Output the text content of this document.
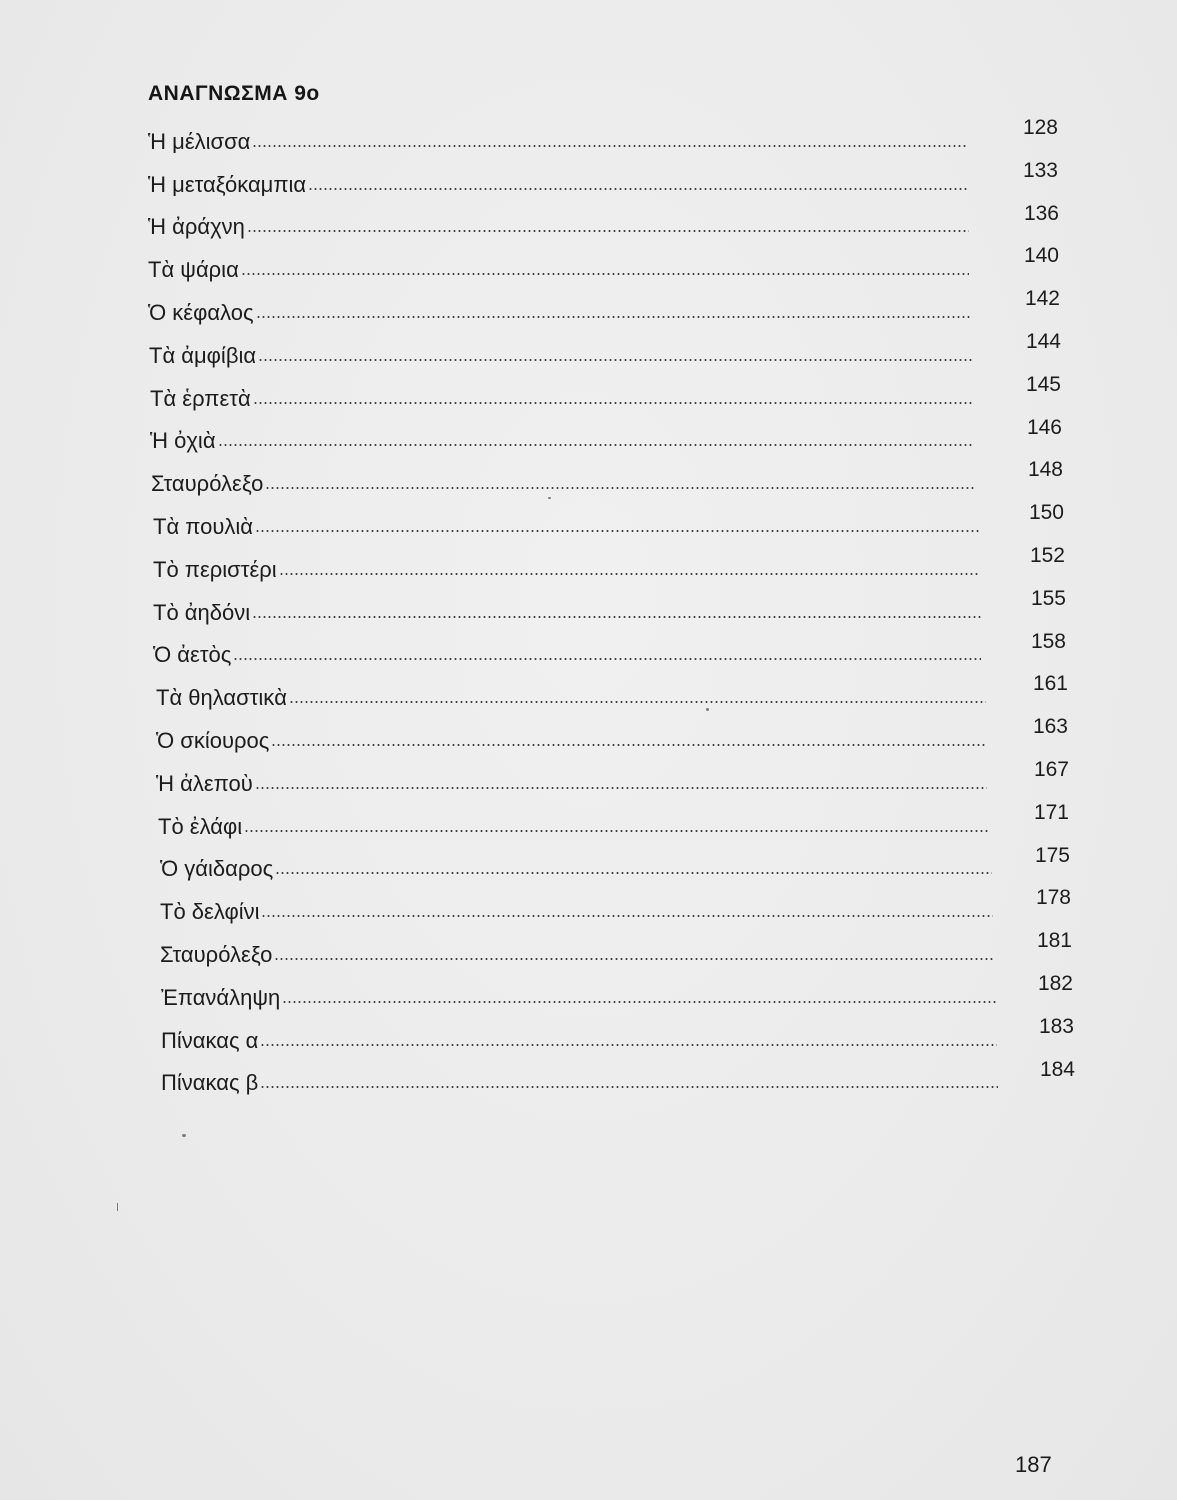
ΑΝΑΓΝΩΣΜΑ 9ο
Ἡ μέλισσα
128
Ἡ μεταξόκαμπια
133
Ἡ ἀράχνη
136
Τὰ ψάρια
140
Ὁ κέφαλος
142
Τὰ ἀμφίβια
144
Τὰ ἑρπετὰ
145
Ἡ ὀχιὰ
146
Σταυρόλεξο
148
Τὰ πουλιὰ
150
Τὸ περιστέρι
152
Τὸ ἀηδόνι
155
Ὁ ἀετὸς
158
Τὰ θηλαστικὰ
161
Ὁ σκίουρος
163
Ἡ ἀλεποὺ
167
Τὸ ἐλάφι
171
Ὁ γάιδαρος
175
Τὸ δελφίνι
178
Σταυρόλεξο
181
Ἐπανάληψη
182
Πίνακας α
183
Πίνακας β
184
187
